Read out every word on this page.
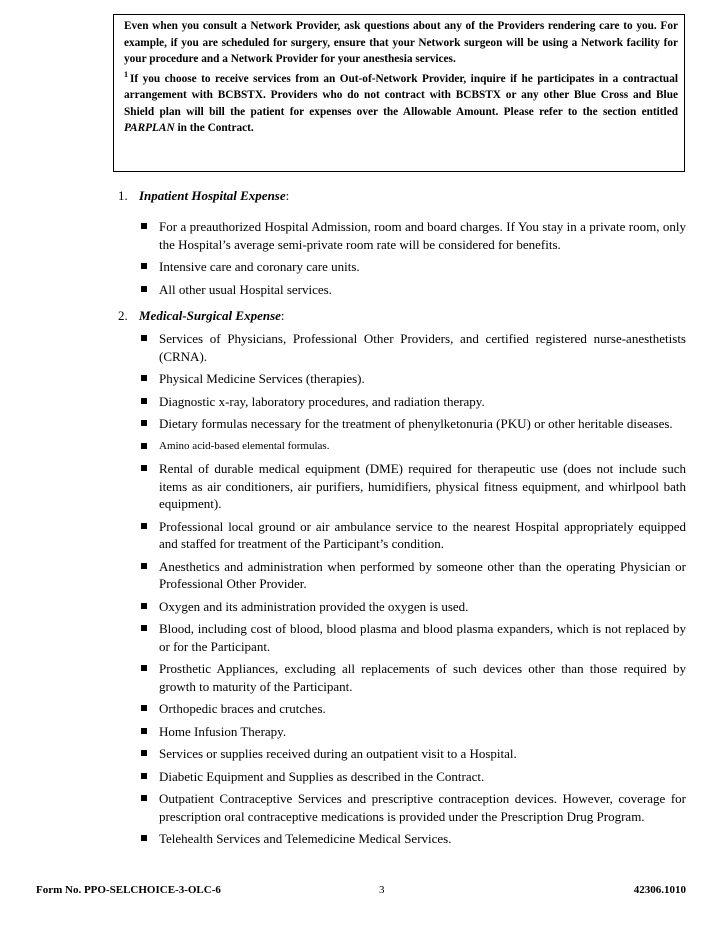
Even when you consult a Network Provider, ask questions about any of the Providers rendering care to you. For example, if you are scheduled for surgery, ensure that your Network surgeon will be using a Network facility for your procedure and a Network Provider for your anesthesia services.

$^1$ If you choose to receive services from an Out-of-Network Provider, inquire if he participates in a contractual arrangement with BCBSTX. Providers who do not contract with BCBSTX or any other Blue Cross and Blue Shield plan will bill the patient for expenses over the Allowable Amount. Please refer to the section entitled PARPLAN in the Contract.

1. Inpatient Hospital Expense:
For a preauthorized Hospital Admission, room and board charges. If You stay in a private room, only the Hospital’s average semi-private room rate will be considered for benefits.
Intensive care and coronary care units.
All other usual Hospital services.
2. Medical-Surgical Expense:
Services of Physicians, Professional Other Providers, and certified registered nurse-anesthetists (CRNA).
Physical Medicine Services (therapies).
Diagnostic x-ray, laboratory procedures, and radiation therapy.
Dietary formulas necessary for the treatment of phenylketonuria (PKU) or other heritable diseases.
Amino acid-based elemental formulas.
Rental of durable medical equipment (DME) required for therapeutic use (does not include such items as air conditioners, air purifiers, humidifiers, physical fitness equipment, and whirlpool bath equipment).
Professional local ground or air ambulance service to the nearest Hospital appropriately equipped and staffed for treatment of the Participant’s condition.
Anesthetics and administration when performed by someone other than the operating Physician or Professional Other Provider.
Oxygen and its administration provided the oxygen is used.
Blood, including cost of blood, blood plasma and blood plasma expanders, which is not replaced by or for the Participant.
Prosthetic Appliances, excluding all replacements of such devices other than those required by growth to maturity of the Participant.
Orthopedic braces and crutches.
Home Infusion Therapy.
Services or supplies received during an outpatient visit to a Hospital.
Diabetic Equipment and Supplies as described in the Contract.
Outpatient Contraceptive Services and prescriptive contraception devices. However, coverage for prescription oral contraceptive medications is provided under the Prescription Drug Program.
Telehealth Services and Telemedicine Medical Services.
Form No. PPO-SELCHOICE-3-OLC-6	3	42306.1010
